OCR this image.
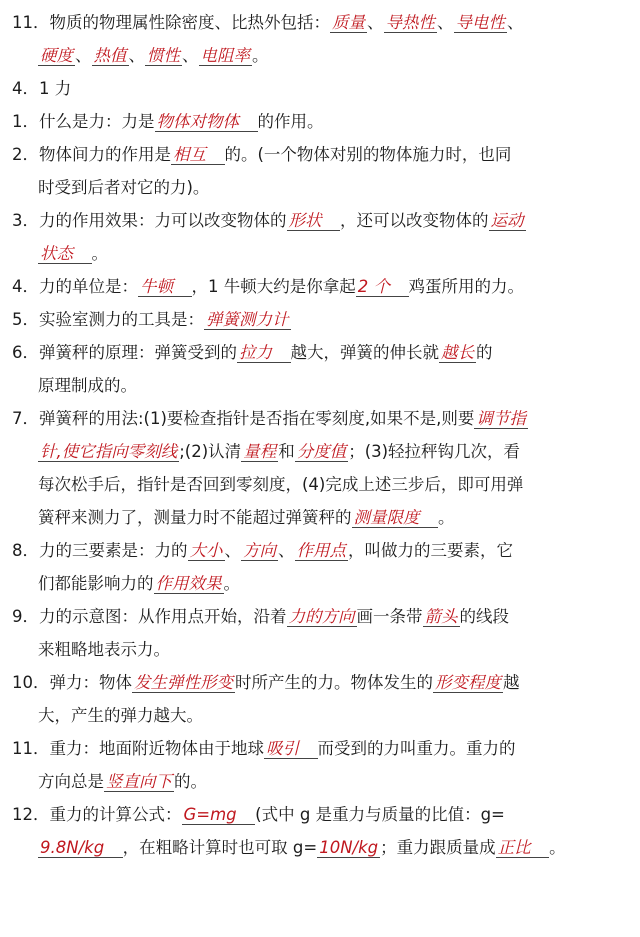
11．物质的物理属性除密度、比热外包括： 质量 、 导热性 、 导电性 、
硬度 、 热值 、 惯性 、 电阻率 。
4．1 力
1．什么是力：力是 物体对物体　的作用。
2．物体间力的作用是 相互　的。(一个物体对别的物体施力时，也同
时受到后者对它的力)。
3．力的作用效果：力可以改变物体的 形状　，还可以改变物体的 运动
状态　。
4．力的单位是： 牛顿　，1 牛顿大约是你拿起 2 个　鸡蛋所用的力。
5．实验室测力的工具是： 弹簧测力计
6．弹簧秤的原理：弹簧受到的 拉力　越大，弹簧的伸长就 越长 的
原理制成的。
7．弹簧秤的用法:(1)要检查指针是否指在零刻度,如果不是,则要 调节指
针,使它指向零刻线 ;(2)认清 量程 和 分度值 ；(3)轻拉秤钩几次，看
每次松手后，指针是否回到零刻度，(4)完成上述三步后，即可用弹
簧秤来测力了，测量力时不能超过弹簧秤的 测量限度　。
8．力的三要素是：力的 大小 、 方向 、 作用点 ，叫做力的三要素，它
们都能影响力的 作用效果 。
9．力的示意图：从作用点开始，沿着 力的方向 画一条带 箭头 的线段
来粗略地表示力。
10．弹力：物体 发生弹性形变 时所产生的力。物体发生的 形变程度 越
大，产生的弹力越大。
11．重力：地面附近物体由于地球 吸引　而受到的力叫重力。重力的
方向总是 竖直向下 的。
12．重力的计算公式： G=mg　(式中 g 是重力与质量的比值：g=
9.8N/kg　，在粗略计算时也可取 g= 10N/kg ；重力跟质量成 正比　。
